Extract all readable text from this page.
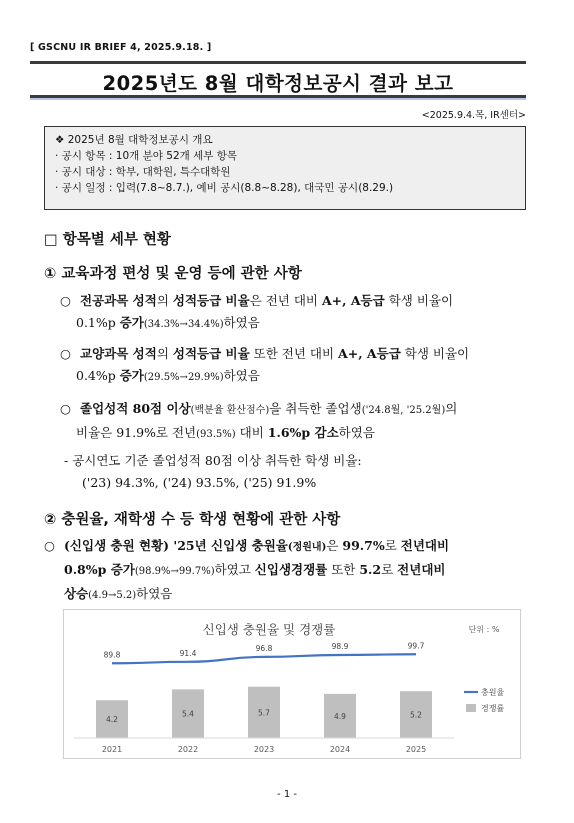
[ GSCNU IR BRIEF 4, 2025.9.18. ]
2025년도 8월 대학정보공시 결과 보고
<2025.9.4.목, IR센터>
❖ 2025년 8월 대학정보공시 개요
· 공시 항목 : 10개 분야 52개 세부 항목
· 공시 대상 : 학부, 대학원, 특수대학원
· 공시 일정 : 입력(7.8~8.7.), 예비 공시(8.8~8.28), 대국민 공시(8.29.)
□ 항목별 세부 현황
① 교육과정 편성 및 운영 등에 관한 사항
○ 전공과목 성적의 성적등급 비율은 전년 대비 A+, A등급 학생 비율이
0.1%p 증가(34.3%→34.4%)하였음
○ 교양과목 성적의 성적등급 비율 또한 전년 대비 A+, A등급 학생 비율이
0.4%p 증가(29.5%→29.9%)하였음
○ 졸업성적 80점 이상(백분율 환산점수)을 취득한 졸업생('24.8월, '25.2월)의
비율은 91.9%로 전년(93.5%) 대비 1.6%p 감소하였음
- 공시연도 기준 졸업성적 80점 이상 취득한 학생 비율:
('23) 94.3%, ('24) 93.5%, ('25) 91.9%
② 충원율, 재학생 수 등 학생 현황에 관한 사항
○ (신입생 충원 현황) '25년 신입생 충원율(정원내)은 99.7%로 전년대비
0.8%p 증가(98.9%→99.7%)하였고 신입생경쟁률 또한 5.2로 전년대비
상승(4.9→5.2)하였음
신입생 충원율 및 경쟁률	단위 : %
4.2
5.4	5.7	4.9	5.2
89.8	91.4
96.8	98.9	99.7
2021	2022	2023	2024	2025
충원율
경쟁률
- 1 -
